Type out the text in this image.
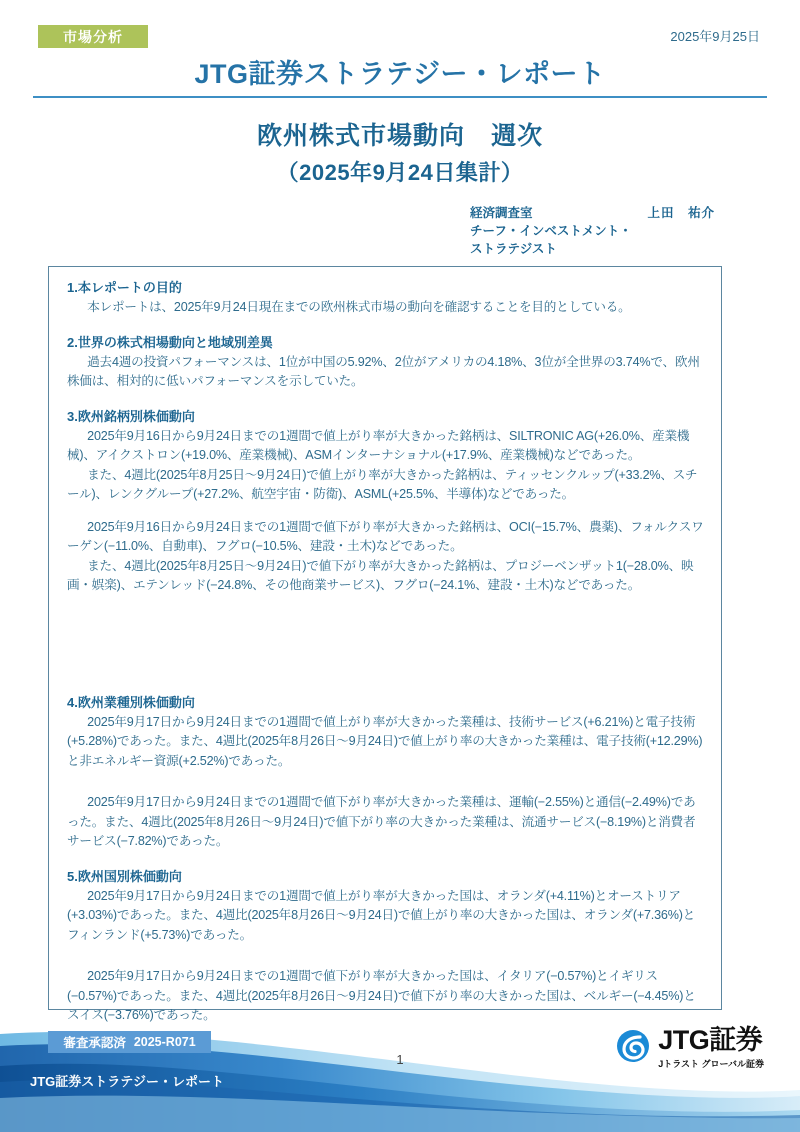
市場分析	2025年9月25日
JTG証券ストラテジー・レポート
欧州株式市場動向　週次
（2025年9月24日集計）
経済調査室	上田　祐介
チーフ・インベストメント・
ストラテジスト
1.本レポートの目的

本レポートは、2025年9月24日現在までの欧州株式市場の動向を確認することを目的としている。

2.世界の株式相場動向と地域別差異

過去4週の投資パフォーマンスは、1位が中国の5.92%、2位がアメリカの4.18%、3位が全世界の3.74%で、欧州株価は、相対的に低いパフォーマンスを示していた。

3.欧州銘柄別株価動向

2025年9月16日から9月24日までの1週間で値上がり率が大きかった銘柄は、SILTRONIC AG(+26.0%、産業機械)、アイクストロン(+19.0%、産業機械)、ASMインターナショナル(+17.9%、産業機械)などであった。

また、4週比(2025年8月25日〜9月24日)で値上がり率が大きかった銘柄は、ティッセンクルップ(+33.2%、スチール)、レンクグループ(+27.2%、航空宇宙・防衛)、ASML(+25.5%、半導体)などであった。

2025年9月16日から9月24日までの1週間で値下がり率が大きかった銘柄は、OCI(−15.7%、農薬)、フォルクスワーゲン(−11.0%、自動車)、フグロ(−10.5%、建設・土木)などであった。

また、4週比(2025年8月25日〜9月24日)で値下がり率が大きかった銘柄は、プロジーベンザット1(−28.0%、映画・娯楽)、エテンレッド(−24.8%、その他商業サービス)、フグロ(−24.1%、建設・土木)などであった。

4.欧州業種別株価動向

2025年9月17日から9月24日までの1週間で値上がり率が大きかった業種は、技術サービス(+6.21%)と電子技術(+5.28%)であった。また、4週比(2025年8月26日〜9月24日)で値上がり率の大きかった業種は、電子技術(+12.29%)と非エネルギー資源(+2.52%)であった。

2025年9月17日から9月24日までの1週間で値下がり率が大きかった業種は、運輸(−2.55%)と通信(−2.49%)であった。また、4週比(2025年8月26日〜9月24日)で値下がり率の大きかった業種は、流通サービス(−8.19%)と消費者サービス(−7.82%)であった。

5.欧州国別株価動向

2025年9月17日から9月24日までの1週間で値上がり率が大きかった国は、オランダ(+4.11%)とオーストリア(+3.03%)であった。また、4週比(2025年8月26日〜9月24日)で値上がり率の大きかった国は、オランダ(+7.36%)とフィンランド(+5.73%)であった。

2025年9月17日から9月24日までの1週間で値下がり率が大きかった国は、イタリア(−0.57%)とイギリス(−0.57%)であった。また、4週比(2025年8月26日〜9月24日)で値下がり率の大きかった国は、ベルギー(−4.45%)とスイス(−3.76%)であった。

審査承認済 2025-R071
1
JTG証券ストラテジー・レポート
JTG証券
Jトラスト グローバル証券
